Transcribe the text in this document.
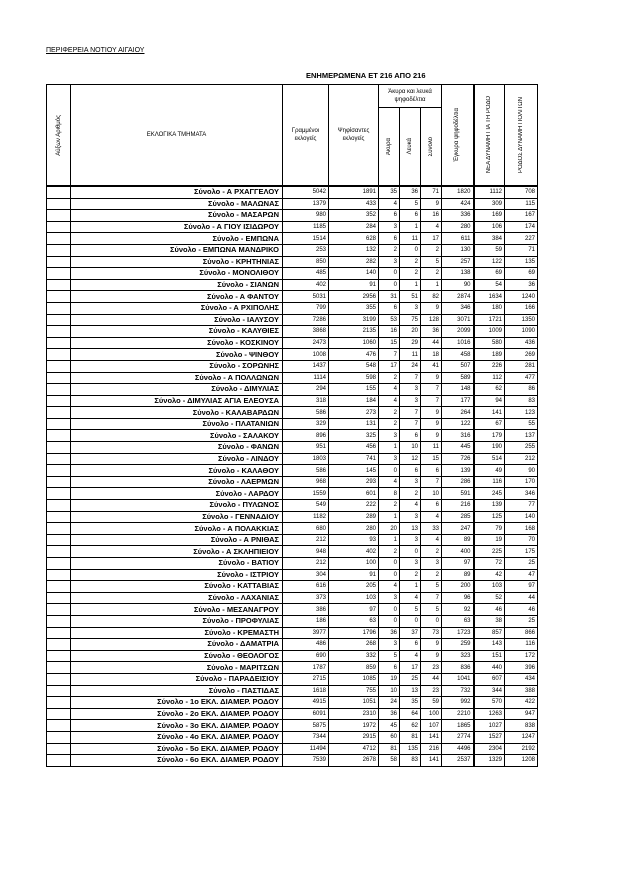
ΠΕΡΙΦΕΡΕΙΑ ΝΟΤΙΟΥ ΑΙΓΑΙΟΥ
ΕΝΗΜΕΡΩΜΕΝΑ ΕΤ 216 ΑΠΟ 216
Αύξων Αριθμός	ΕΚΛΟΓΙΚΑ ΤΜΗΜΑΤΑ	Γραμμένοι εκλογείς	Ψηφίσαντες εκλογείς	Άκυρα και λευκά ψηφοδέλτια			Έγκυρα ψηφοδέλτια	ΝΕΑ ΔΥΝΑΜΗ ΓΙΑ ΤΗ ΡΟΔΟ	ΡΟΔΟΣ ΔΥΝΑΜΗ ΠΟΛΙΤΩΝ

				Άκυρα	Λευκά	Σύνολο			

	Σύνολο - Α ΡΧΑΓΓΕΛΟΥ	5042	1891	35	36	71	1820	1112	708
	Σύνολο - ΜΑΛΩΝΑΣ	1379	433	4	5	9	424	309	115
	Σύνολο - ΜΑΣΑΡΩΝ	980	352	6	6	16	336	169	167
	Σύνολο - Α ΓΙΟΥ ΙΣΙΔΩΡΟΥ	1185	284	3	1	4	280	106	174
	Σύνολο - ΕΜΠΩΝΑ	1514	628	6	11	17	611	384	227
	Σύνολο - ΕΜΠΩΝΑ ΜΑΝΔΡΙΚΟ	253	132	2	0	2	130	59	71
	Σύνολο - ΚΡΗΤΗΝΙΑΣ	850	282	3	2	5	257	122	135
	Σύνολο - ΜΟΝΟΛΙΘΟΥ	485	140	0	2	2	138	69	69
	Σύνολο - ΣΙΑΝΩΝ	402	91	0	1	1	90	54	36
	Σύνολο - Α ΦΑΝΤΟΥ	5031	2956	31	51	82	2874	1634	1240
	Σύνολο - Α ΡΧΙΠΟΛΗΣ	799	355	6	3	9	346	180	166
	Σύνολο - ΙΑΛΥΣΟΥ	7286	3199	53	75	128	3071	1721	1350
	Σύνολο - ΚΑΛΥΘΙΕΣ	3868	2135	16	20	36	2099	1009	1090
	Σύνολο - ΚΟΣΚΙΝΟΥ	2473	1060	15	29	44	1016	580	436
	Σύνολο - ΨΙΝΘΟΥ	1008	476	7	11	18	458	189	269
	Σύνολο - ΣΟΡΩΝΗΣ	1437	548	17	24	41	507	226	281
	Σύνολο - Α ΠΟΛΛΩΝΩΝ	1114	598	2	7	9	589	112	477
	Σύνολο - ΔΙΜΥΛΙΑΣ	294	155	4	3	7	148	62	86
	Σύνολο - ΔΙΜΥΛΙΑΣ ΑΓΙΑ ΕΛΕΟΥΣΑ	318	184	4	3	7	177	94	83
	Σύνολο - ΚΑΛΑΒΑΡΔΩΝ	586	273	2	7	9	264	141	123
	Σύνολο - ΠΛΑΤΑΝΙΩΝ	329	131	2	7	9	122	67	55
	Σύνολο - ΣΑΛΑΚΟΥ	896	325	3	6	9	316	179	137
	Σύνολο - ΦΑΝΩΝ	951	456	1	10	11	445	190	255
	Σύνολο - ΛΙΝΔΟΥ	1803	741	3	12	15	726	514	212
	Σύνολο - ΚΑΛΑΘΟΥ	586	145	0	6	6	139	49	90
	Σύνολο - ΛΑΕΡΜΩΝ	968	293	4	3	7	286	116	170
	Σύνολο - ΛΑΡΔΟΥ	1559	601	8	2	10	591	245	346
	Σύνολο - ΠΥΛΩΝΟΣ	549	222	2	4	6	216	139	77
	Σύνολο - ΓΕΝΝΑΔΙΟΥ	1182	289	1	3	4	285	125	140
	Σύνολο - Α ΠΟΛΑΚΚΙΑΣ	680	280	20	13	33	247	79	168
	Σύνολο - Α ΡΝΙΘΑΣ	212	93	1	3	4	89	19	70
	Σύνολο - Α ΣΚΛΗΠΙΕΙΟΥ	948	402	2	0	2	400	225	175
	Σύνολο - ΒΑΤΙΟΥ	212	100	0	3	3	97	72	25
	Σύνολο - ΙΣΤΡΙΟΥ	304	91	0	2	2	89	42	47
	Σύνολο - ΚΑΤΤΑΒΙΑΣ	616	205	4	1	5	200	103	97
	Σύνολο - ΛΑΧΑΝΙΑΣ	373	103	3	4	7	96	52	44
	Σύνολο - ΜΕΣΑΝΑΓΡΟΥ	386	97	0	5	5	92	46	46
	Σύνολο - ΠΡΟΦΥΛΙΑΣ	186	63	0	0	0	63	38	25
	Σύνολο - ΚΡΕΜΑΣΤΗ	3977	1796	36	37	73	1723	857	866
	Σύνολο - ΔΑΜΑΤΡΙΑ	486	268	3	6	9	259	143	116
	Σύνολο - ΘΕΟΛΟΓΟΣ	690	332	5	4	9	323	151	172
	Σύνολο - ΜΑΡΙΤΣΩΝ	1787	859	6	17	23	836	440	396
	Σύνολο - ΠΑΡΑΔΕΙΣΙΟΥ	2715	1085	19	25	44	1041	607	434
	Σύνολο - ΠΑΣΤΙΔΑΣ	1618	755	10	13	23	732	344	388
	Σύνολο - 1ο ΕΚΛ. ΔΙΑΜΕΡ. ΡΟΔΟΥ	4915	1051	24	35	59	992	570	422
	Σύνολο - 2ο ΕΚΛ. ΔΙΑΜΕΡ. ΡΟΔΟΥ	6091	2310	36	64	100	2210	1263	947
	Σύνολο - 3ο ΕΚΛ. ΔΙΑΜΕΡ. ΡΟΔΟΥ	5875	1972	45	62	107	1865	1027	838
	Σύνολο - 4ο ΕΚΛ. ΔΙΑΜΕΡ. ΡΟΔΟΥ	7344	2915	60	81	141	2774	1527	1247
	Σύνολο - 5ο ΕΚΛ. ΔΙΑΜΕΡ. ΡΟΔΟΥ	11494	4712	81	135	216	4496	2304	2192
	Σύνολο - 6ο ΕΚΛ. ΔΙΑΜΕΡ. ΡΟΔΟΥ	7539	2678	58	83	141	2537	1329	1208
